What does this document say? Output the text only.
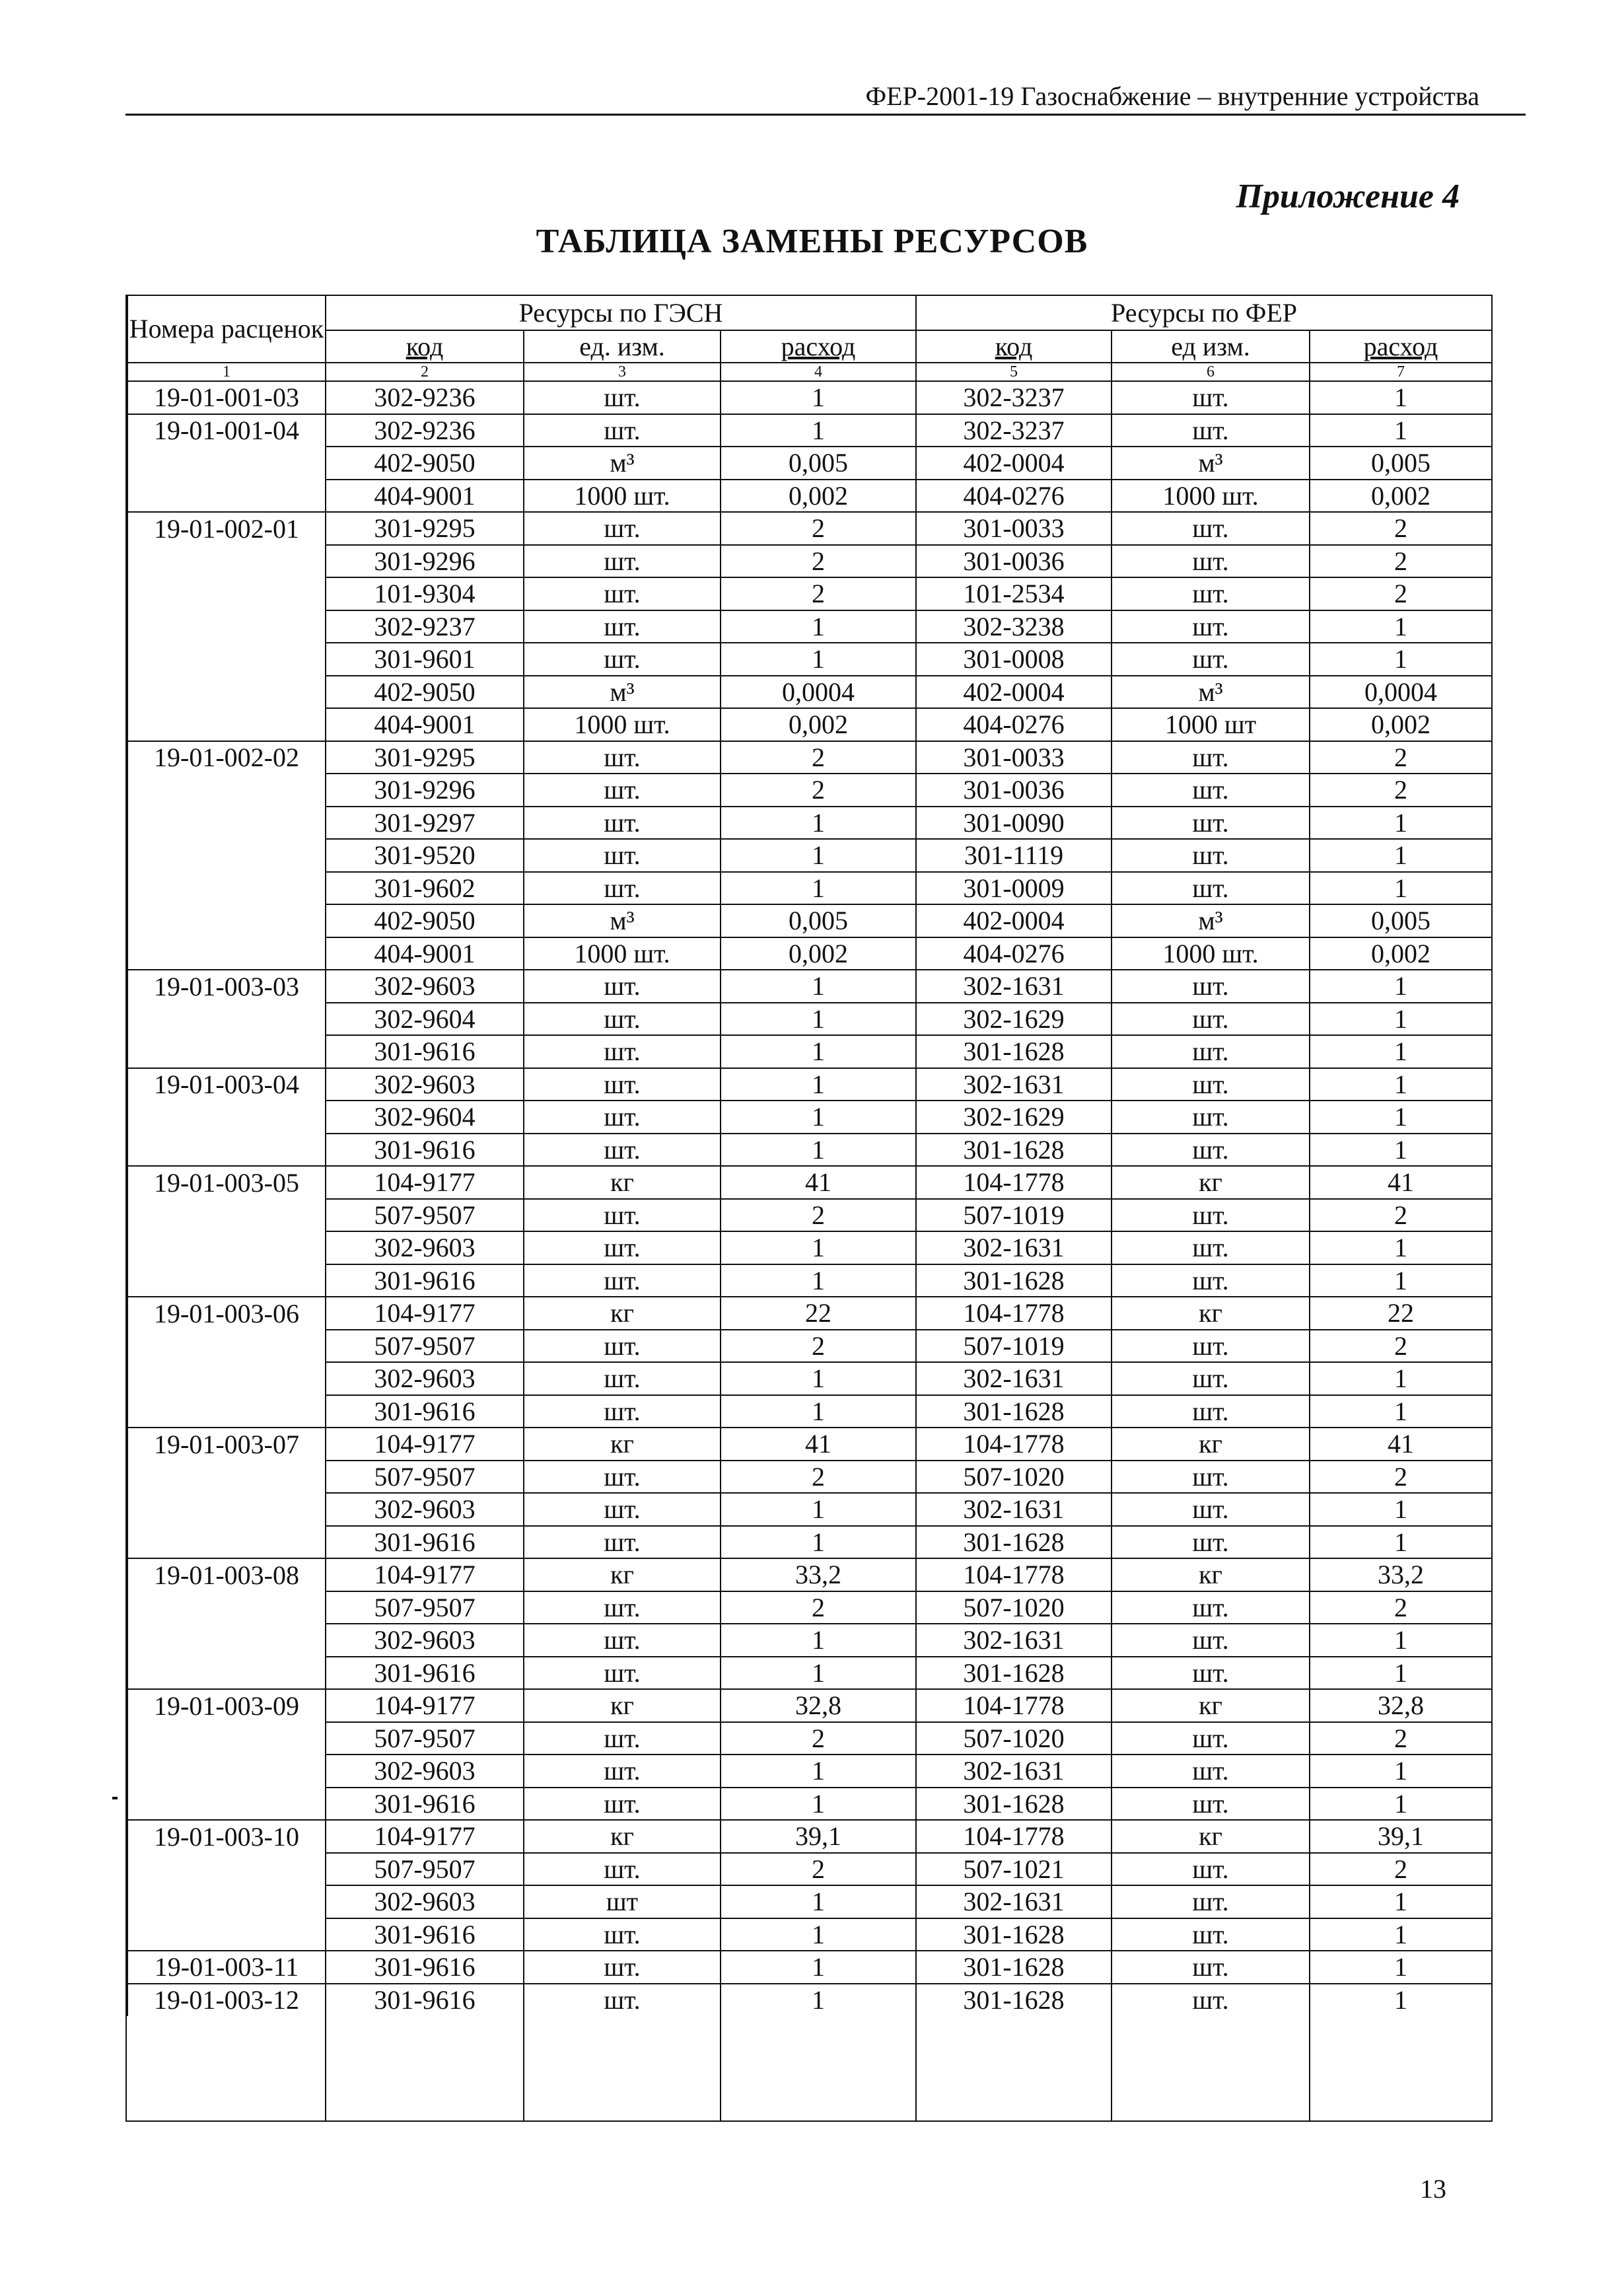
ФЕР-2001-19 Газоснабжение – внутренние устройства
Приложение 4
ТАБЛИЦА ЗАМЕНЫ РЕСУРСОВ
Номера расценок	Ресурсы по ГЭСН			Ресурсы по ФЕР		
	код	ед. изм.	расход	код	ед изм.	расход
1	2	3	4	5	6	7
19-01-001-03	302-9236	шт.	1	302-3237	шт.	1
19-01-001-04	302-9236	шт.	1	302-3237	шт.	1
	402-9050	м³	0,005	402-0004	м³	0,005
	404-9001	1000 шт.	0,002	404-0276	1000 шт.	0,002
19-01-002-01	301-9295	шт.	2	301-0033	шт.	2
	301-9296	шт.	2	301-0036	шт.	2
	101-9304	шт.	2	101-2534	шт.	2
	302-9237	шт.	1	302-3238	шт.	1
	301-9601	шт.	1	301-0008	шт.	1
	402-9050	м³	0,0004	402-0004	м³	0,0004
	404-9001	1000 шт.	0,002	404-0276	1000 шт	0,002
19-01-002-02	301-9295	шт.	2	301-0033	шт.	2
	301-9296	шт.	2	301-0036	шт.	2
	301-9297	шт.	1	301-0090	шт.	1
	301-9520	шт.	1	301-1119	шт.	1
	301-9602	шт.	1	301-0009	шт.	1
	402-9050	м³	0,005	402-0004	м³	0,005
	404-9001	1000 шт.	0,002	404-0276	1000 шт.	0,002
19-01-003-03	302-9603	шт.	1	302-1631	шт.	1
	302-9604	шт.	1	302-1629	шт.	1
	301-9616	шт.	1	301-1628	шт.	1
19-01-003-04	302-9603	шт.	1	302-1631	шт.	1
	302-9604	шт.	1	302-1629	шт.	1
	301-9616	шт.	1	301-1628	шт.	1
19-01-003-05	104-9177	кг	41	104-1778	кг	41
	507-9507	шт.	2	507-1019	шт.	2
	302-9603	шт.	1	302-1631	шт.	1
	301-9616	шт.	1	301-1628	шт.	1
19-01-003-06	104-9177	кг	22	104-1778	кг	22
	507-9507	шт.	2	507-1019	шт.	2
	302-9603	шт.	1	302-1631	шт.	1
	301-9616	шт.	1	301-1628	шт.	1
19-01-003-07	104-9177	кг	41	104-1778	кг	41
	507-9507	шт.	2	507-1020	шт.	2
	302-9603	шт.	1	302-1631	шт.	1
	301-9616	шт.	1	301-1628	шт.	1
19-01-003-08	104-9177	кг	33,2	104-1778	кг	33,2
	507-9507	шт.	2	507-1020	шт.	2
	302-9603	шт.	1	302-1631	шт.	1
	301-9616	шт.	1	301-1628	шт.	1
19-01-003-09	104-9177	кг	32,8	104-1778	кг	32,8
	507-9507	шт.	2	507-1020	шт.	2
	302-9603	шт.	1	302-1631	шт.	1
	301-9616	шт.	1	301-1628	шт.	1
19-01-003-10	104-9177	кг	39,1	104-1778	кг	39,1
	507-9507	шт.	2	507-1021	шт.	2
	302-9603	шт	1	302-1631	шт.	1
	301-9616	шт.	1	301-1628	шт.	1
19-01-003-11	301-9616	шт.	1	301-1628	шт.	1
19-01-003-12	301-9616	шт.	1	301-1628	шт.	1
13
